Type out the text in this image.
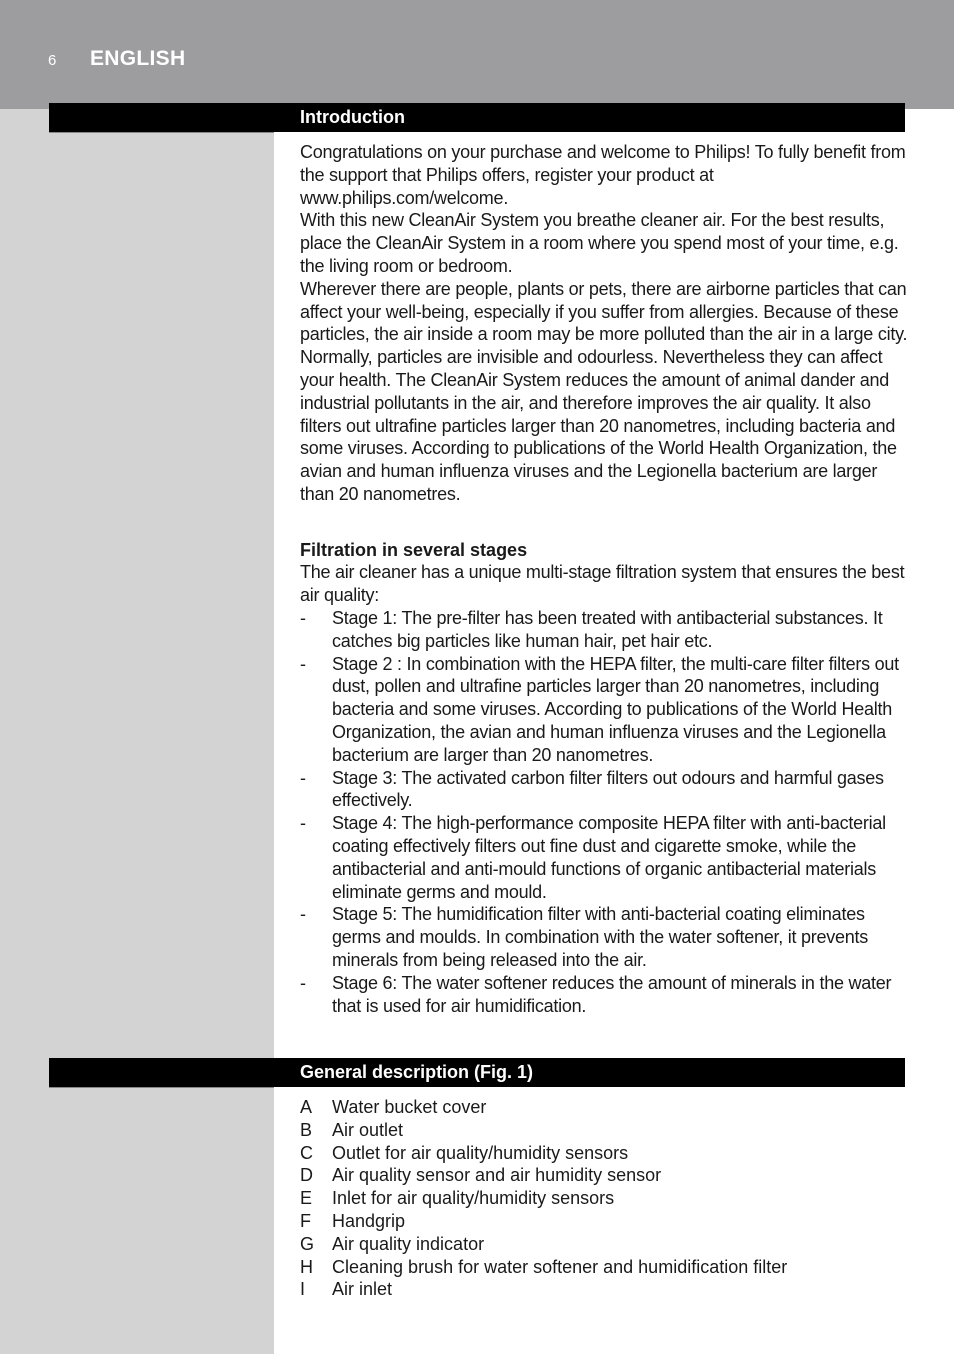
6 ENGLISH
Introduction

Congratulations on your purchase and welcome to Philips! To fully benefit from the support that Philips offers, register your product at www.philips.com/welcome.

With this new CleanAir System you breathe cleaner air. For the best results, place the CleanAir System in a room where you spend most of your time, e.g. the living room or bedroom.

Wherever there are people, plants or pets, there are airborne particles that can affect your well-being, especially if you suffer from allergies. Because of these particles, the air inside a room may be more polluted than the air in a large city.

Normally, particles are invisible and odourless. Nevertheless they can affect your health. The CleanAir System reduces the amount of animal dander and industrial pollutants in the air, and therefore improves the air quality. It also filters out ultrafine particles larger than 20 nanometres, including bacteria and some viruses. According to publications of the World Health Organization, the avian and human influenza viruses and the Legionella bacterium are larger than 20 nanometres.

Filtration in several stages
The air cleaner has a unique multi-stage filtration system that ensures the best air quality:
- Stage 1: The pre-filter has been treated with antibacterial substances. It catches big particles like human hair, pet hair etc.
- Stage 2 : In combination with the HEPA filter, the multi-care filter filters out dust, pollen and ultrafine particles larger than 20 nanometres, including bacteria and some viruses. According to publications of the World Health Organization, the avian and human influenza viruses and the Legionella bacterium are larger than 20 nanometres.
- Stage 3: The activated carbon filter filters out odours and harmful gases effectively.
- Stage 4: The high-performance composite HEPA filter with anti-bacterial coating effectively filters out fine dust and cigarette smoke, while the antibacterial and anti-mould functions of organic antibacterial materials eliminate germs and mould.
- Stage 5: The humidification filter with anti-bacterial coating eliminates germs and moulds. In combination with the water softener, it prevents minerals from being released into the air.
- Stage 6: The water softener reduces the amount of minerals in the water that is used for air humidification.
General description (Fig. 1)
A Water bucket cover
B Air outlet
C Outlet for air quality/humidity sensors
D Air quality sensor and air humidity sensor
E Inlet for air quality/humidity sensors
F Handgrip
G Air quality indicator
H Cleaning brush for water softener and humidification filter
I Air inlet
